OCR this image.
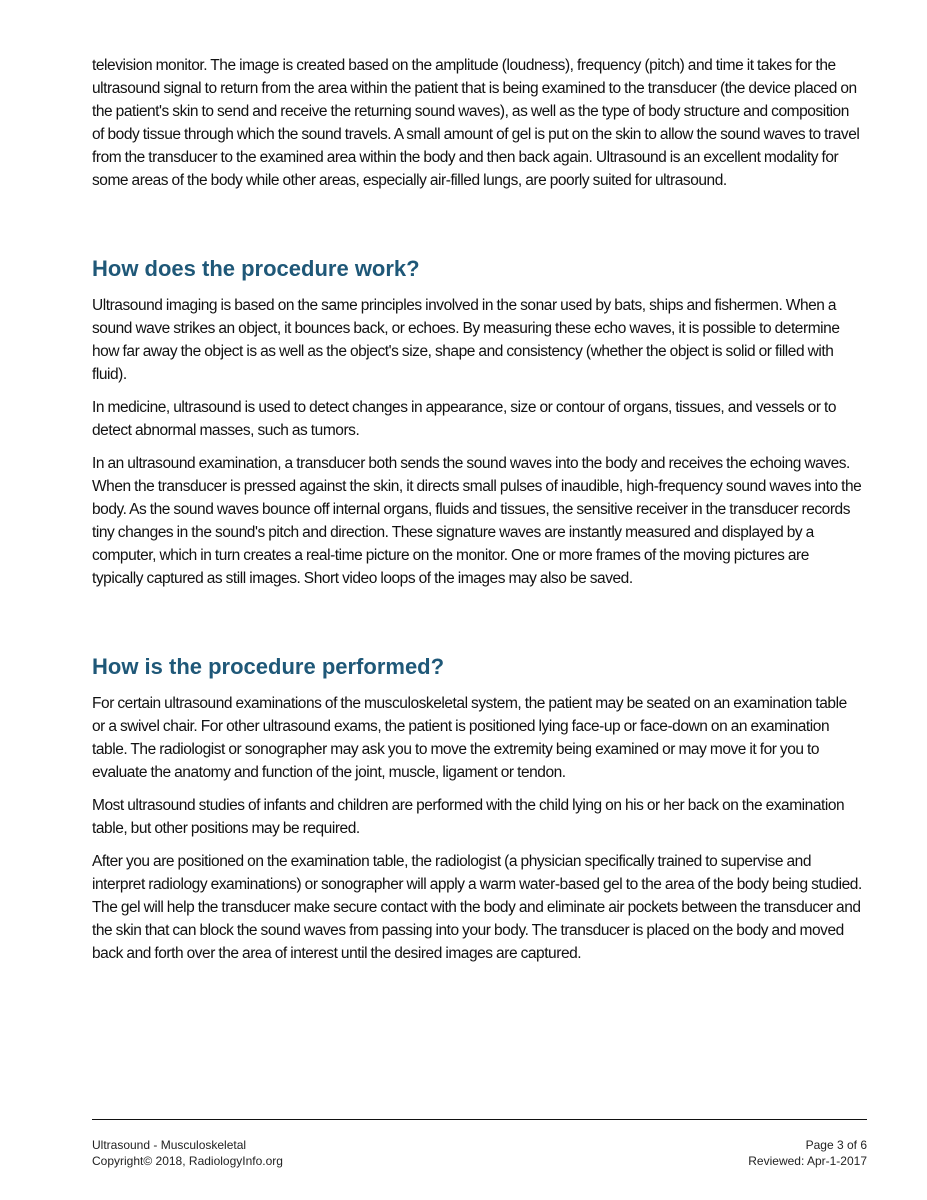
television monitor. The image is created based on the amplitude (loudness), frequency (pitch) and time it takes for the ultrasound signal to return from the area within the patient that is being examined to the transducer (the device placed on the patient's skin to send and receive the returning sound waves), as well as the type of body structure and composition of body tissue through which the sound travels. A small amount of gel is put on the skin to allow the sound waves to travel from the transducer to the examined area within the body and then back again. Ultrasound is an excellent modality for some areas of the body while other areas, especially air-filled lungs, are poorly suited for ultrasound.

How does the procedure work?

Ultrasound imaging is based on the same principles involved in the sonar used by bats, ships and fishermen. When a sound wave strikes an object, it bounces back, or echoes. By measuring these echo waves, it is possible to determine how far away the object is as well as the object's size, shape and consistency (whether the object is solid or filled with fluid).

In medicine, ultrasound is used to detect changes in appearance, size or contour of organs, tissues, and vessels or to detect abnormal masses, such as tumors.

In an ultrasound examination, a transducer both sends the sound waves into the body and receives the echoing waves. When the transducer is pressed against the skin, it directs small pulses of inaudible, high-frequency sound waves into the body. As the sound waves bounce off internal organs, fluids and tissues, the sensitive receiver in the transducer records tiny changes in the sound's pitch and direction. These signature waves are instantly measured and displayed by a computer, which in turn creates a real-time picture on the monitor. One or more frames of the moving pictures are typically captured as still images. Short video loops of the images may also be saved.

How is the procedure performed?

For certain ultrasound examinations of the musculoskeletal system, the patient may be seated on an examination table or a swivel chair. For other ultrasound exams, the patient is positioned lying face-up or face-down on an examination table. The radiologist or sonographer may ask you to move the extremity being examined or may move it for you to evaluate the anatomy and function of the joint, muscle, ligament or tendon.

Most ultrasound studies of infants and children are performed with the child lying on his or her back on the examination table, but other positions may be required.

After you are positioned on the examination table, the radiologist (a physician specifically trained to supervise and interpret radiology examinations) or sonographer will apply a warm water-based gel to the area of the body being studied. The gel will help the transducer make secure contact with the body and eliminate air pockets between the transducer and the skin that can block the sound waves from passing into your body. The transducer is placed on the body and moved back and forth over the area of interest until the desired images are captured.

Ultrasound - Musculoskeletal	Page 3 of 6
Copyright© 2018, RadiologyInfo.org	Reviewed: Apr-1-2017
